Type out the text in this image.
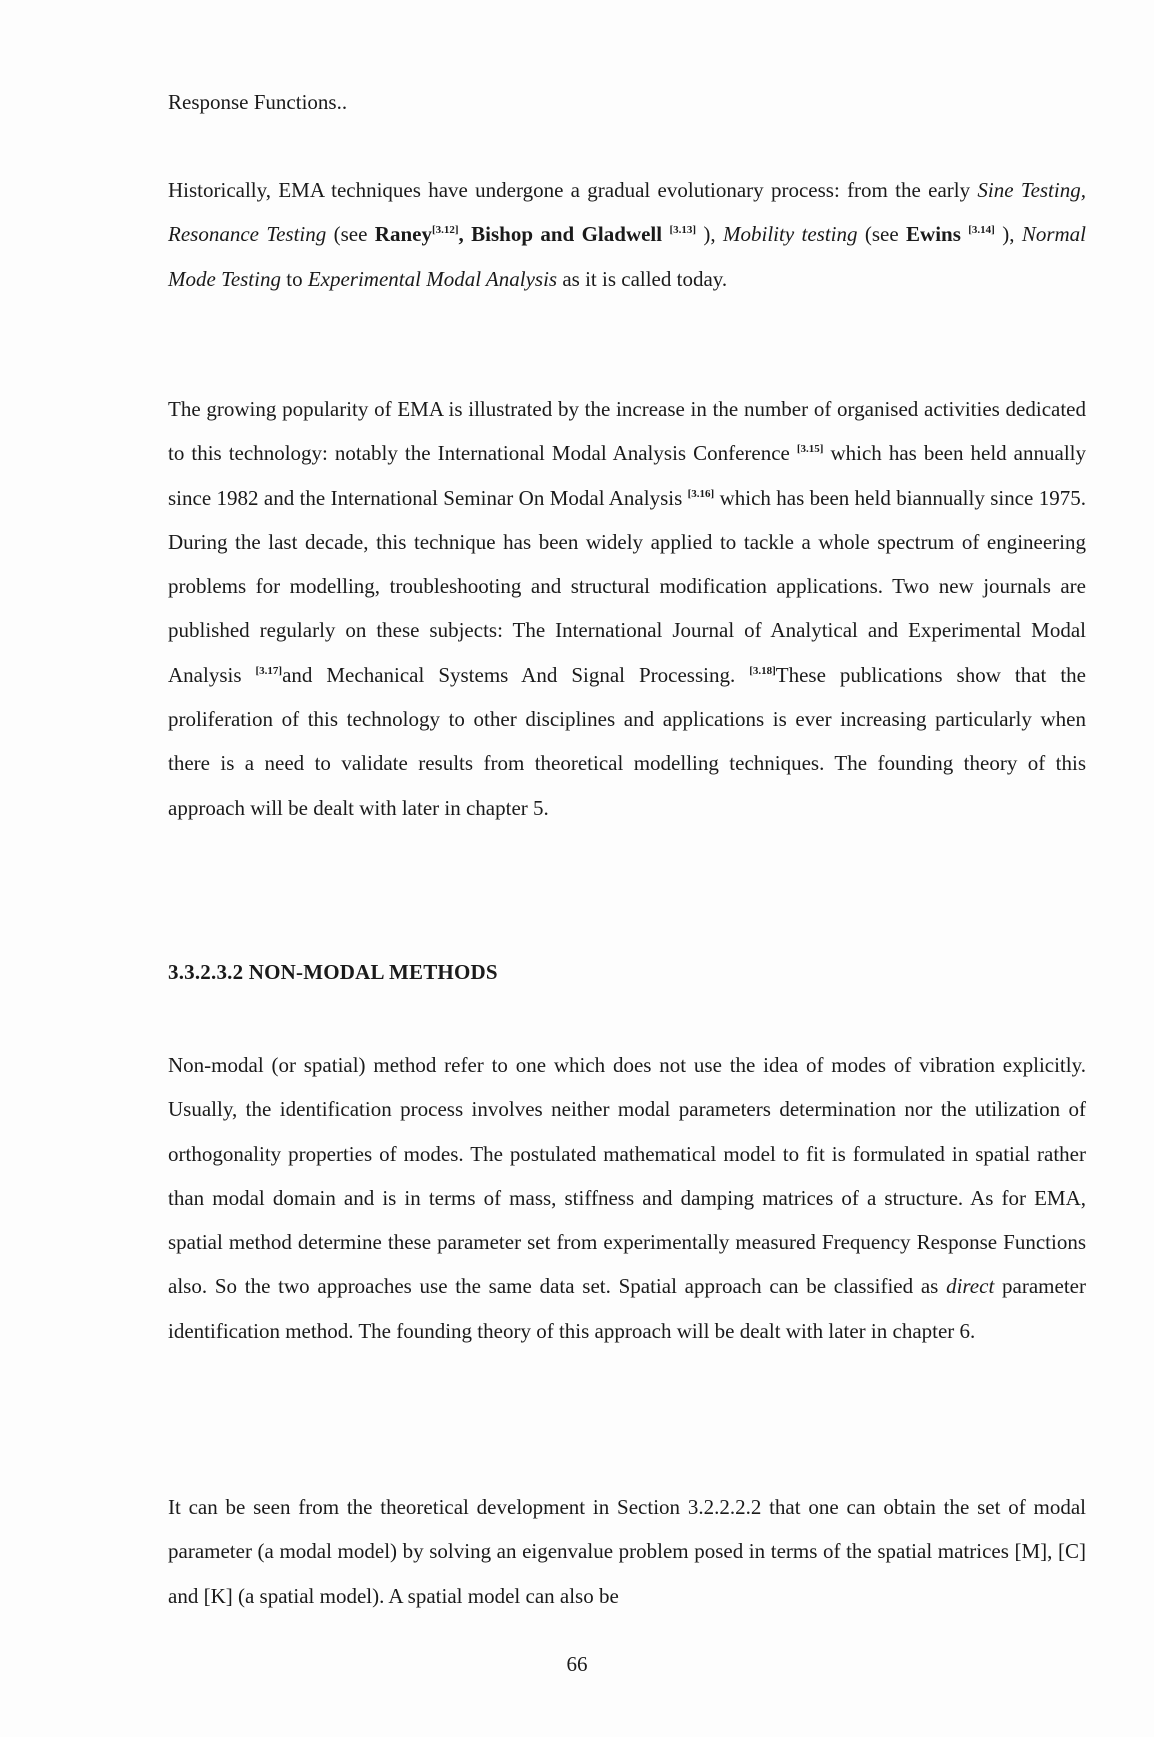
Response Functions..

Historically, EMA techniques have undergone a gradual evolutionary process: from the early Sine Testing, Resonance Testing (see Raney[3.12], Bishop and Gladwell [3.13] ), Mobility testing (see Ewins [3.14] ), Normal Mode Testing to Experimental Modal Analysis as it is called today.

The growing popularity of EMA is illustrated by the increase in the number of organised activities dedicated to this technology: notably the International Modal Analysis Conference [3.15] which has been held annually since 1982 and the International Seminar On Modal Analysis [3.16] which has been held biannually since 1975. During the last decade, this technique has been widely applied to tackle a whole spectrum of engineering problems for modelling, troubleshooting and structural modification applications. Two new journals are published regularly on these subjects: The International Journal of Analytical and Experimental Modal Analysis [3.17]and Mechanical Systems And Signal Processing. [3.18]These publications show that the proliferation of this technology to other disciplines and applications is ever increasing particularly when there is a need to validate results from theoretical modelling techniques. The founding theory of this approach will be dealt with later in chapter 5.

3.3.2.3.2 NON-MODAL METHODS

Non-modal (or spatial) method refer to one which does not use the idea of modes of vibration explicitly. Usually, the identification process involves neither modal parameters determination nor the utilization of orthogonality properties of modes. The postulated mathematical model to fit is formulated in spatial rather than modal domain and is in terms of mass, stiffness and damping matrices of a structure. As for EMA, spatial method determine these parameter set from experimentally measured Frequency Response Functions also. So the two approaches use the same data set. Spatial approach can be classified as direct parameter identification method. The founding theory of this approach will be dealt with later in chapter 6.

It can be seen from the theoretical development in Section 3.2.2.2.2 that one can obtain the set of modal parameter (a modal model) by solving an eigenvalue problem posed in terms of the spatial matrices [M], [C] and [K] (a spatial model). A spatial model can also be

66
